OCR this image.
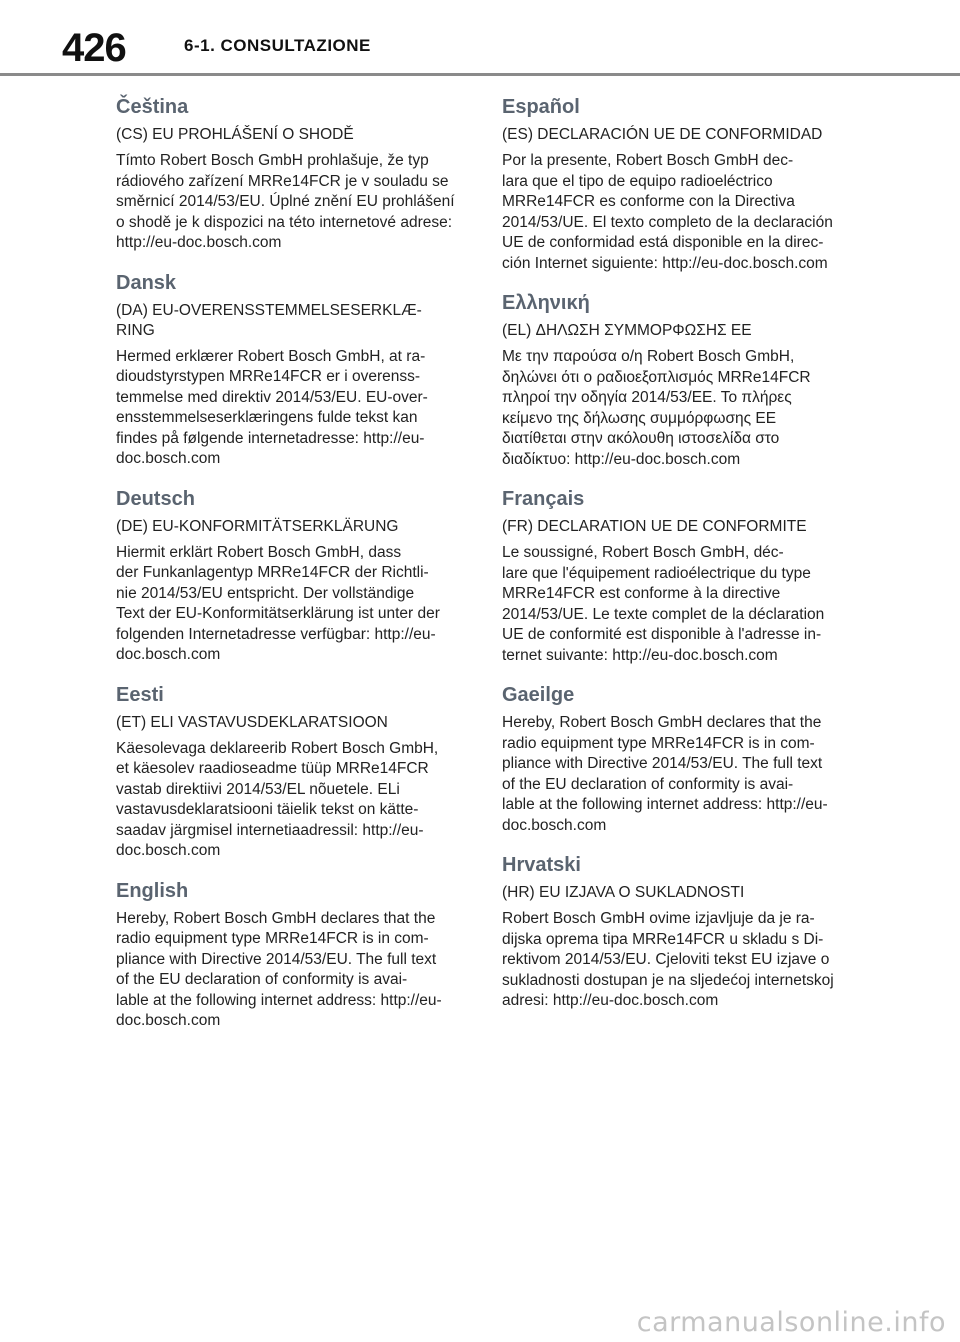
426	6-1. CONSULTAZIONE
Čeština
(CS) EU PROHLÁŠENÍ O SHODĚ
Tímto Robert Bosch GmbH prohlašuje, že typ
rádiového zařízení MRRe14FCR je v souladu se
směrnicí 2014/53/EU. Úplné znění EU prohlášení
o shodě je k dispozici na této internetové adrese:
http://eu-doc.bosch.com
Dansk
(DA) EU-OVERENSSTEMMELSESERKLÆ-
RING
Hermed erklærer Robert Bosch GmbH, at ra-
dioudstyrstypen MRRe14FCR er i overenss-
temmelse med direktiv 2014/53/EU. EU-over-
ensstemmelseserklæringens fulde tekst kan
findes på følgende internetadresse: http://eu-
doc.bosch.com
Deutsch
(DE) EU-KONFORMITÄTSERKLÄRUNG
Hiermit erklärt Robert Bosch GmbH, dass
der Funkanlagentyp MRRe14FCR der Richtli-
nie 2014/53/EU entspricht. Der vollständige
Text der EU-Konformitätserklärung ist unter der
folgenden Internetadresse verfügbar: http://eu-
doc.bosch.com
Eesti
(ET) ELI VASTAVUSDEKLARATSIOON
Käesolevaga deklareerib Robert Bosch GmbH,
et käesolev raadioseadme tüüp MRRe14FCR
vastab direktiivi 2014/53/EL nõuetele. ELi
vastavusdeklaratsiooni täielik tekst on kätte-
saadav järgmisel internetiaadressil: http://eu-
doc.bosch.com
English
Hereby, Robert Bosch GmbH declares that the
radio equipment type MRRe14FCR is in com-
pliance with Directive 2014/53/EU. The full text
of the EU declaration of conformity is avai-
lable at the following internet address: http://eu-
doc.bosch.com
Español
(ES) DECLARACIÓN UE DE CONFORMIDAD
Por la presente, Robert Bosch GmbH dec-
lara que el tipo de equipo radioeléctrico
MRRe14FCR es conforme con la Directiva
2014/53/UE. El texto completo de la declaración
UE de conformidad está disponible en la direc-
ción Internet siguiente: http://eu-doc.bosch.com
Ελληνική
(EL) ΔΗΛΩΣΗ ΣΥΜΜΟΡΦΩΣΗΣ ΕΕ
Με την παρούσα ο/η Robert Bosch GmbH,
δηλώνει ότι ο ραδιοεξοπλισμός MRRe14FCR
πληροί την οδηγία 2014/53/ΕΕ. Το πλήρες
κείμενο της δήλωσης συμμόρφωσης ΕΕ
διατίθεται στην ακόλουθη ιστοσελίδα στο
διαδίκτυο: http://eu-doc.bosch.com
Français
(FR) DECLARATION UE DE CONFORMITE
Le soussigné, Robert Bosch GmbH, déc-
lare que l'équipement radioélectrique du type
MRRe14FCR est conforme à la directive
2014/53/UE. Le texte complet de la déclaration
UE de conformité est disponible à l'adresse in-
ternet suivante: http://eu-doc.bosch.com
Gaeilge
Hereby, Robert Bosch GmbH declares that the
radio equipment type MRRe14FCR is in com-
pliance with Directive 2014/53/EU. The full text
of the EU declaration of conformity is avai-
lable at the following internet address: http://eu-
doc.bosch.com
Hrvatski
(HR) EU IZJAVA O SUKLADNOSTI
Robert Bosch GmbH ovime izjavljuje da je ra-
dijska oprema tipa MRRe14FCR u skladu s Di-
rektivom 2014/53/EU. Cjeloviti tekst EU izjave o
sukladnosti dostupan je na sljedećoj internetskoj
adresi: http://eu-doc.bosch.com
carmanualsonline.info
